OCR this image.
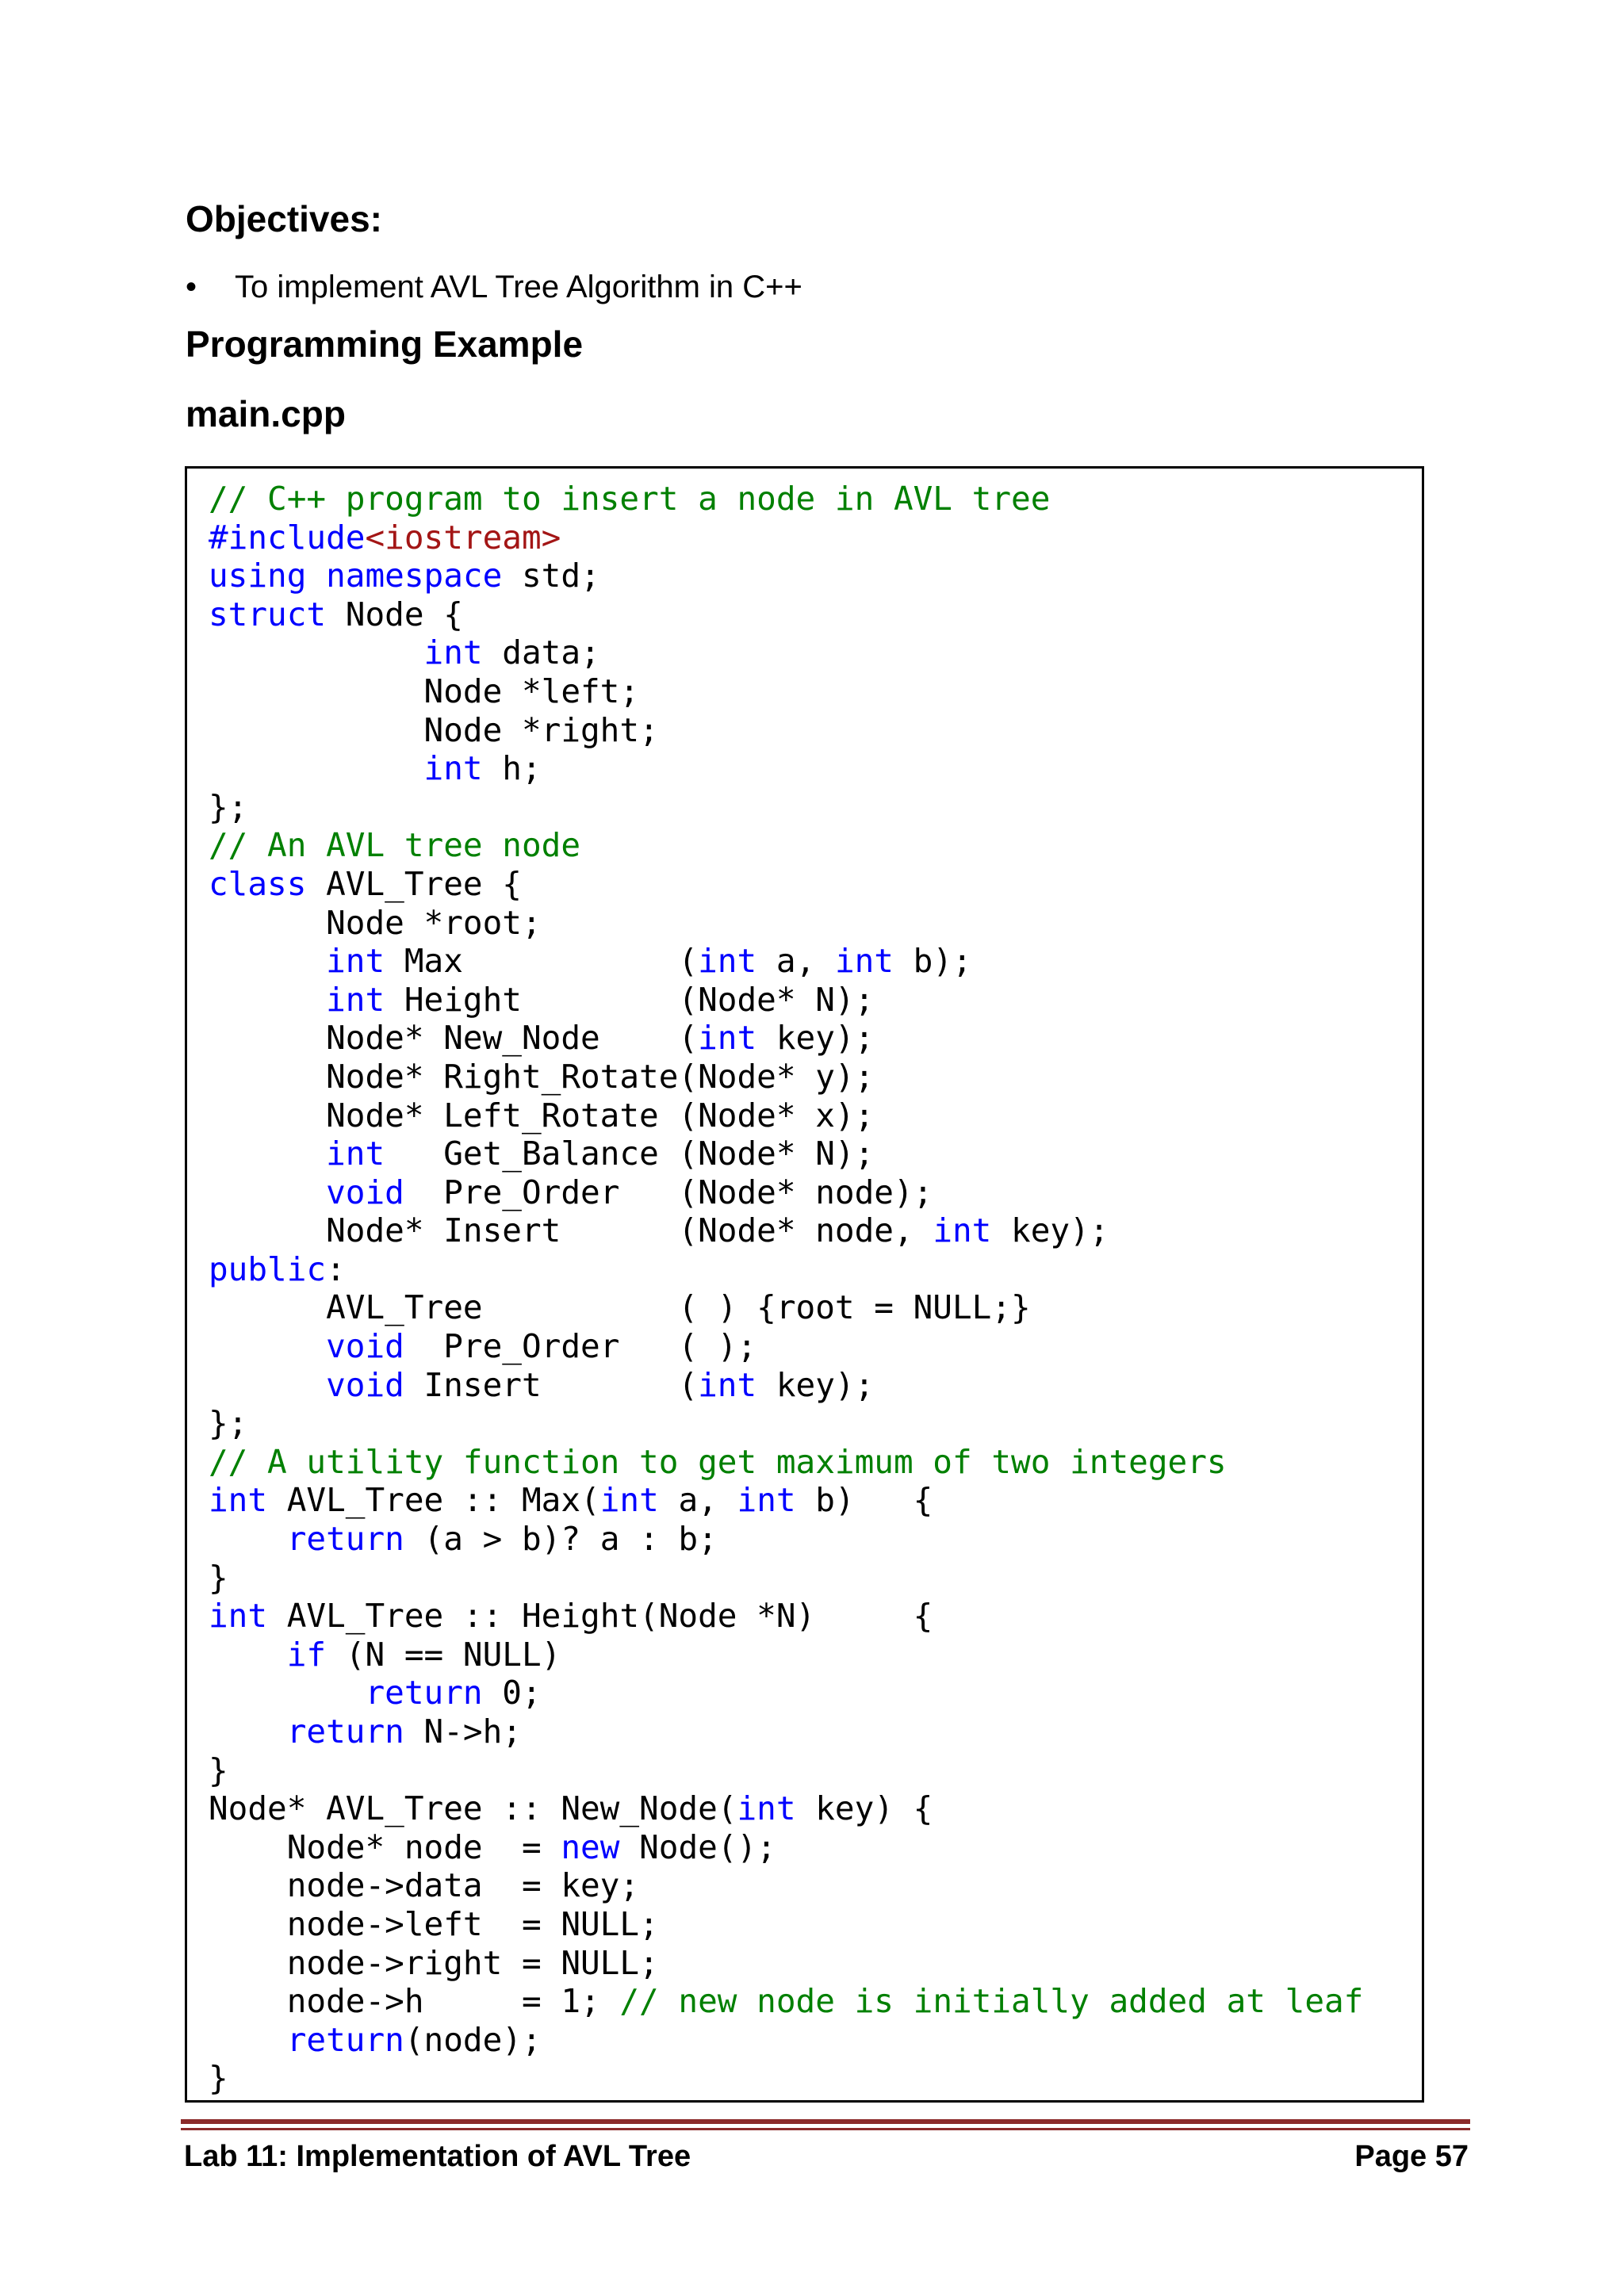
Objectives:
•	To implement AVL Tree Algorithm in C++
Programming Example
main.cpp
// C++ program to insert a node in AVL tree
#include<iostream>
using namespace std;
struct Node {
int data;
Node *left;
Node *right;
int h;
};
// An AVL tree node
class AVL_Tree {
Node *root;
int Max           (int a, int b);
int Height        (Node* N);
Node* New_Node    (int key);
Node* Right_Rotate(Node* y);
Node* Left_Rotate (Node* x);
int   Get_Balance (Node* N);
void  Pre_Order   (Node* node);
Node* Insert      (Node* node, int key);
public:
AVL_Tree          ( ) {root = NULL;}
void  Pre_Order   ( );
void Insert       (int key);
};
// A utility function to get maximum of two integers
int AVL_Tree :: Max(int a, int b)   {
return (a > b)? a : b;
}
int AVL_Tree :: Height(Node *N)     {
if (N == NULL)
return 0;
return N->h;
}
Node* AVL_Tree :: New_Node(int key) {
Node* node  = new Node();
node->data  = key;
node->left  = NULL;
node->right = NULL;
node->h     = 1; // new node is initially added at leaf
return(node);
}
Lab 11: Implementation of AVL Tree	Page 57
